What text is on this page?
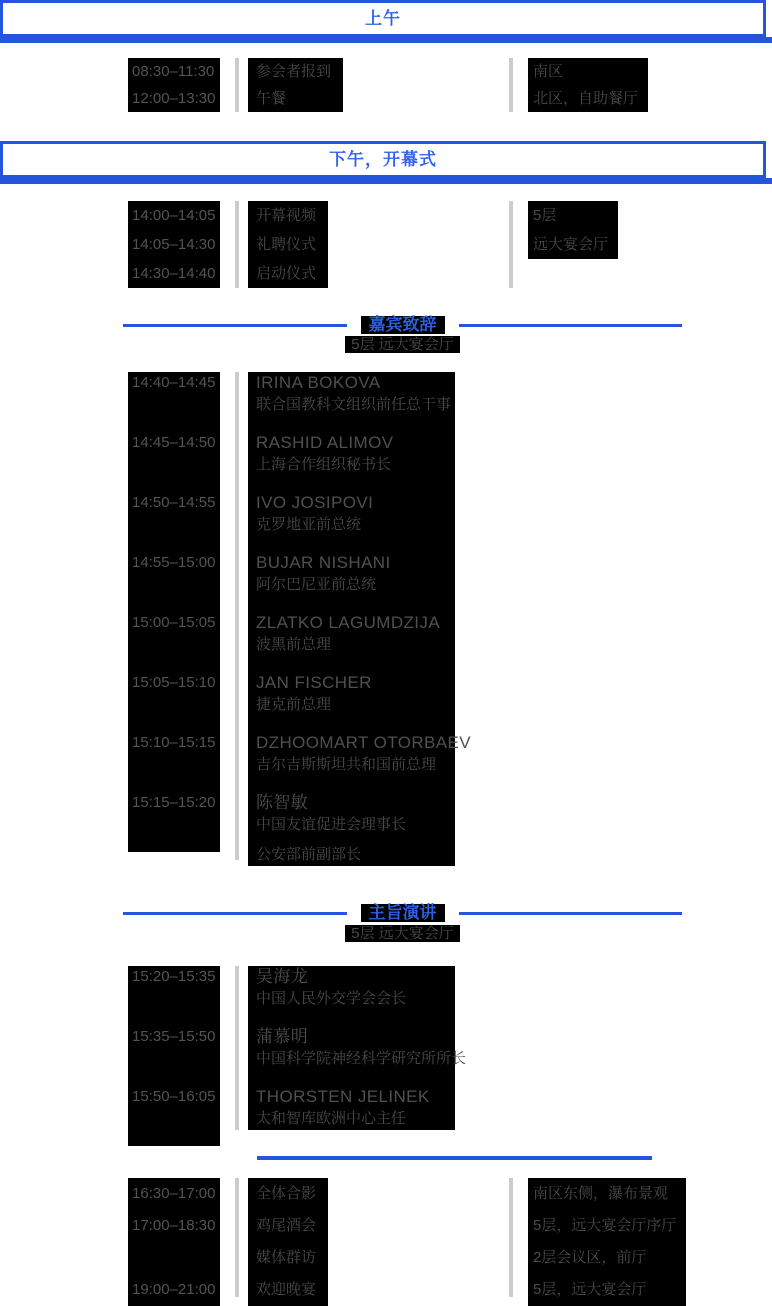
上午
08:30–11:30
12:00–13:30
参会者报到
午餐
南区
北区，自助餐厅
下午，开幕式
14:00–14:05
14:05–14:30
14:30–14:40
开幕视频
礼聘仪式
启动仪式
5层
远大宴会厅
嘉宾致辞
5层 远大宴会厅
14:40–14:45
14:45–14:50
14:50–14:55
14:55–15:00
15:00–15:05
15:05–15:10
15:10–15:15
15:15–15:20
IRINA BOKOVA
联合国教科文组织前任总干事
RASHID ALIMOV
上海合作组织秘书长
IVO JOSIPOVI
克罗地亚前总统
BUJAR NISHANI
阿尔巴尼亚前总统
ZLATKO LAGUMDZIJA
波黑前总理
JAN FISCHER
捷克前总理
DZHOOMART OTORBAEV
吉尔吉斯斯坦共和国前总理
陈智敏
中国友谊促进会理事长
公安部前副部长
主旨演讲
5层 远大宴会厅
15:20–15:35
15:35–15:50
15:50–16:05
吴海龙
中国人民外交学会会长
蒲慕明
中国科学院神经科学研究所所长
THORSTEN JELINEK
太和智库欧洲中心主任
16:30–17:00
17:00–18:30
19:00–21:00
全体合影
鸡尾酒会
媒体群访
欢迎晚宴
南区东侧，瀑布景观
5层，远大宴会厅序厅
2层会议区，前厅
5层，远大宴会厅
